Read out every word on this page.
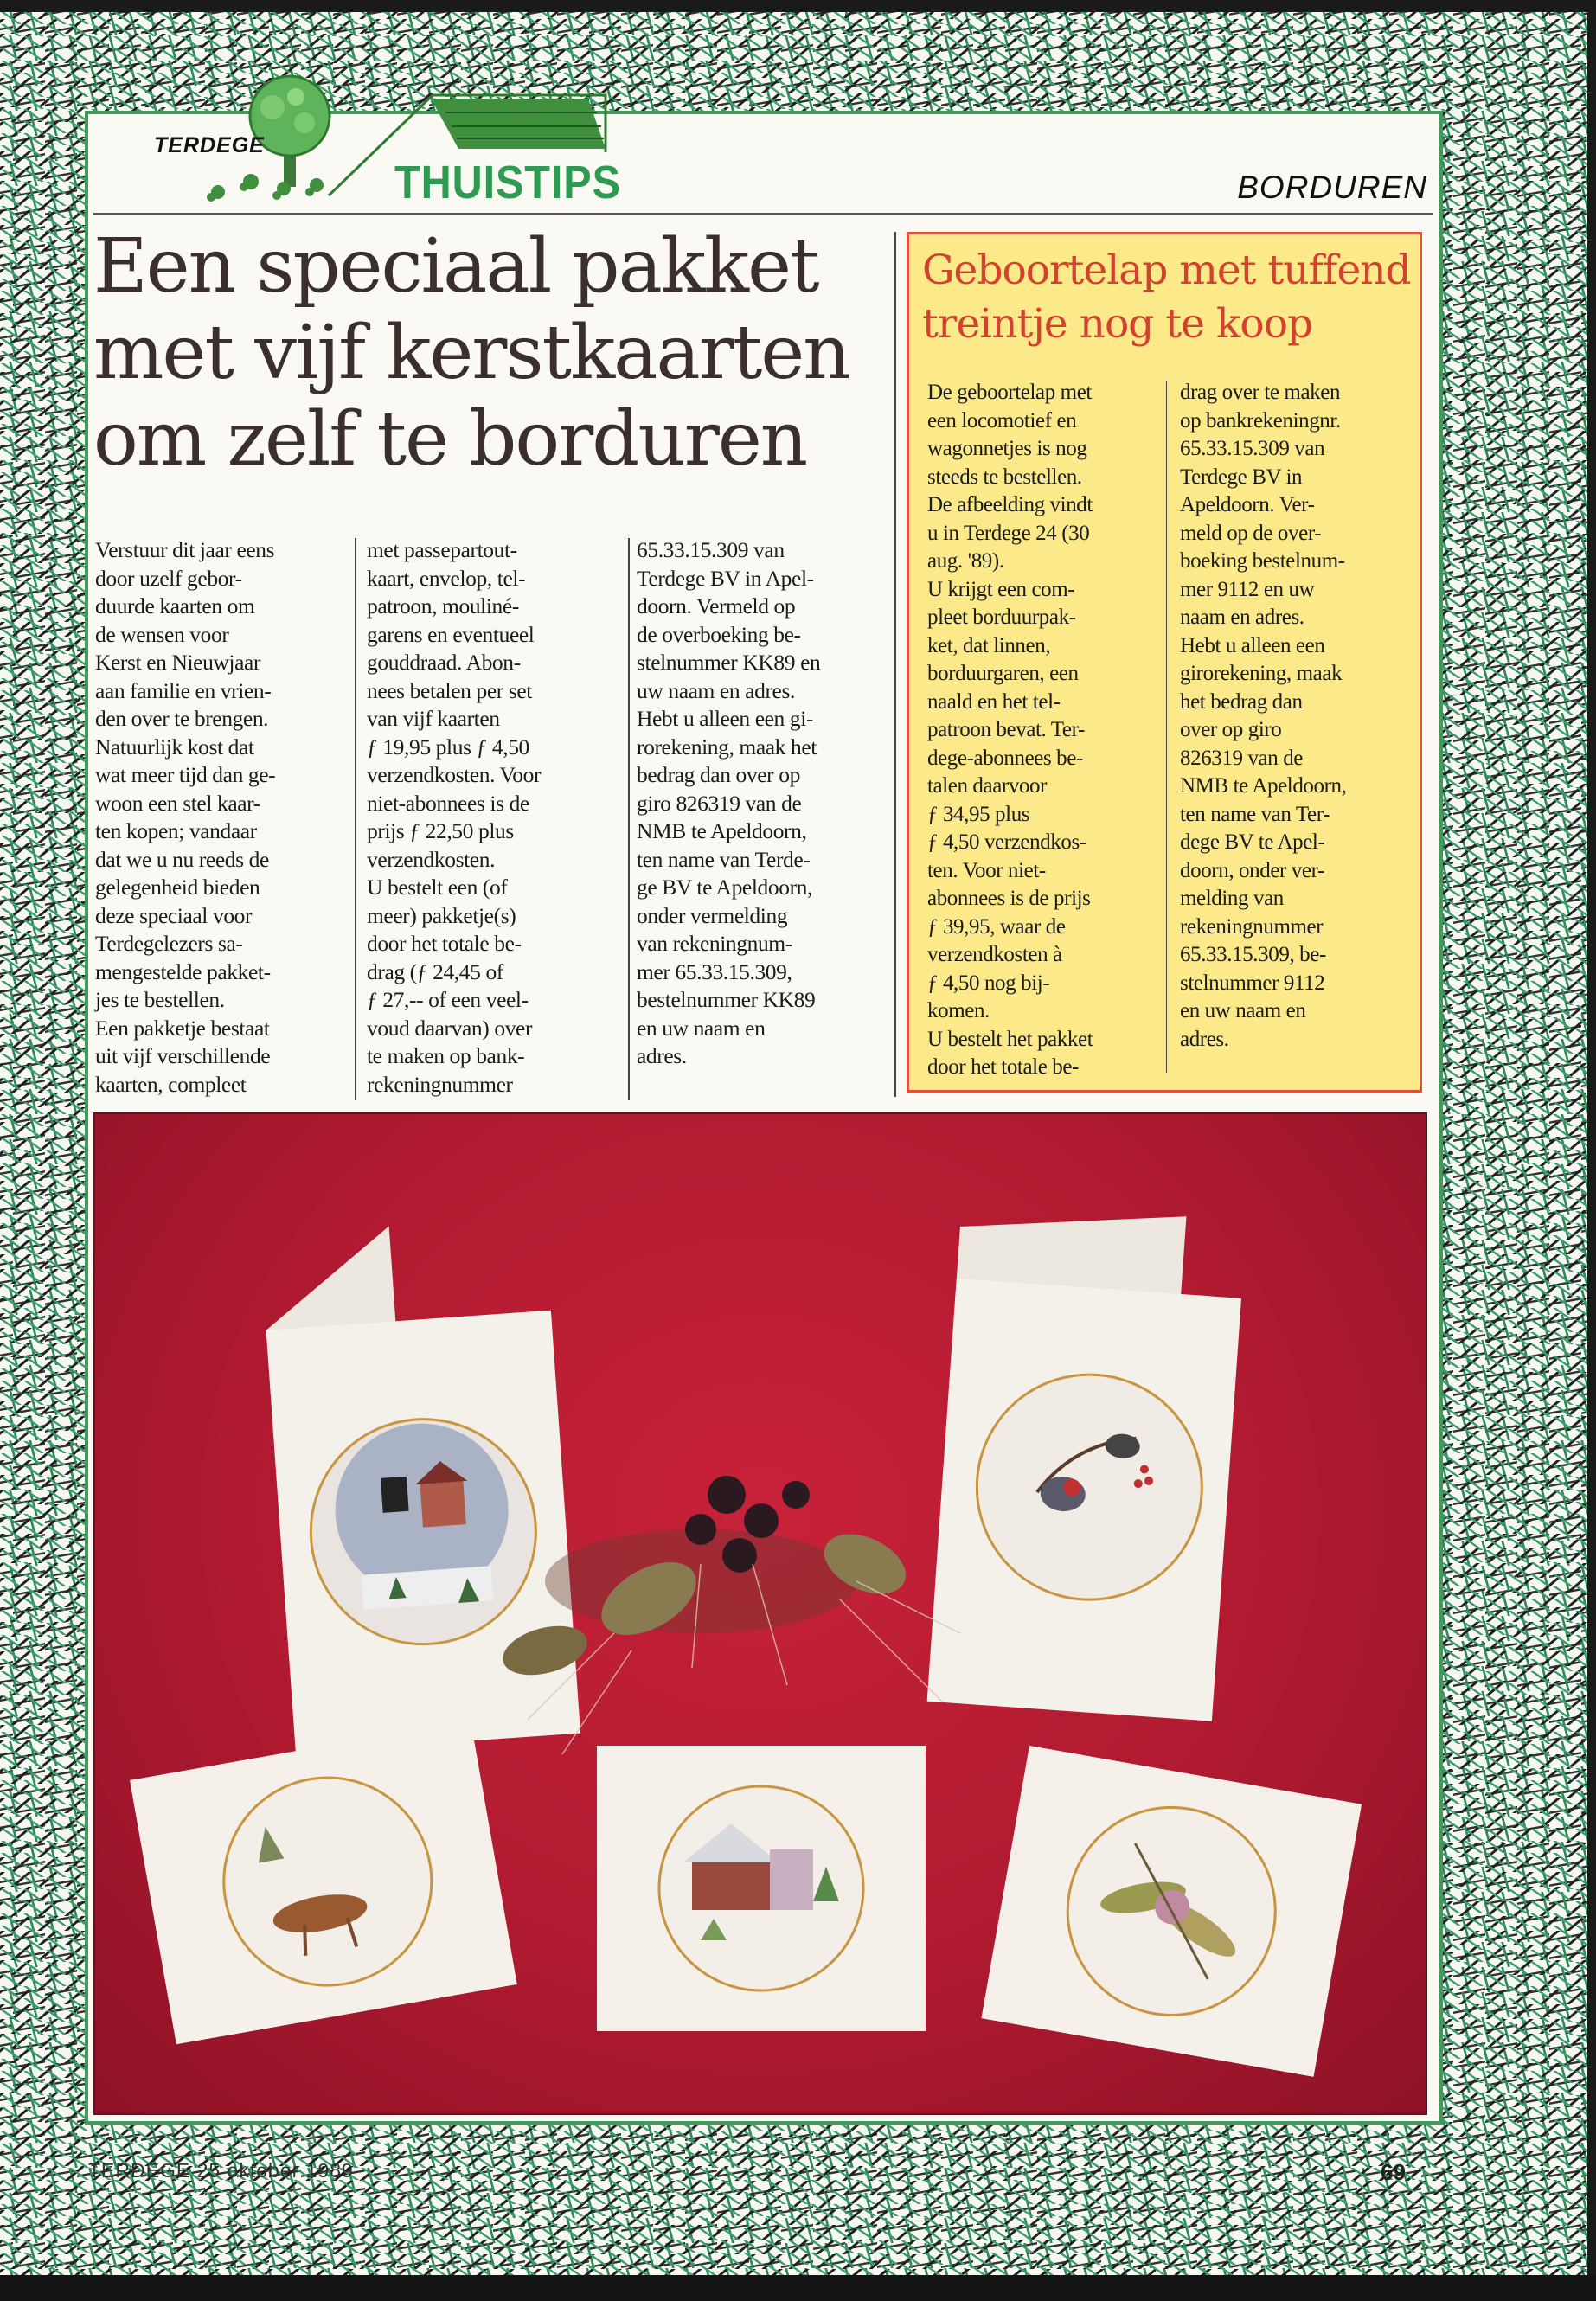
TERDEGE
THUISTIPS	BORDUREN
Een speciaal pakket
met vijf kerstkaarten
om zelf te borduren
Verstuur dit jaar eens
door uzelf gebor-
duurde kaarten om
de wensen voor
Kerst en Nieuwjaar
aan familie en vrien-
den over te brengen.
Natuurlijk kost dat
wat meer tijd dan ge-
woon een stel kaar-
ten kopen; vandaar
dat we u nu reeds de
gelegenheid bieden
deze speciaal voor
Terdegelezers sa-
mengestelde pakket-
jes te bestellen.
Een pakketje bestaat
uit vijf verschillende
kaarten, compleet
met passepartout-
kaart, envelop, tel-
patroon, mouliné-
garens en eventueel
gouddraad. Abon-
nees betalen per set
van vijf kaarten
ƒ 19,95 plus ƒ 4,50
verzendkosten. Voor
niet-abonnees is de
prijs ƒ 22,50 plus
verzendkosten.
U bestelt een (of
meer) pakketje(s)
door het totale be-
drag (ƒ 24,45 of
ƒ 27,-- of een veel-
voud daarvan) over
te maken op bank-
rekeningnummer
65.33.15.309 van
Terdege BV in Apel-
doorn. Vermeld op
de overboeking be-
stelnummer KK89 en
uw naam en adres.
Hebt u alleen een gi-
rorekening, maak het
bedrag dan over op
giro 826319 van de
NMB te Apeldoorn,
ten name van Terde-
ge BV te Apeldoorn,
onder vermelding
van rekeningnum-
mer 65.33.15.309,
bestelnummer KK89
en uw naam en
adres.
Geboortelap met tuffend
treintje nog te koop
De geboortelap met
een locomotief en
wagonnetjes is nog
steeds te bestellen.
De afbeelding vindt
u in Terdege 24 (30
aug. '89).
U krijgt een com-
pleet borduurpak-
ket, dat linnen,
borduurgaren, een
naald en het tel-
patroon bevat. Ter-
dege-abonnees be-
talen daarvoor
ƒ 34,95 plus
ƒ 4,50 verzendkos-
ten. Voor niet-
abonnees is de prijs
ƒ 39,95, waar de
verzendkosten à
ƒ 4,50 nog bij-
komen.
U bestelt het pakket
door het totale be-
drag over te maken
op bankrekeningnr.
65.33.15.309 van
Terdege BV in
Apeldoorn. Ver-
meld op de over-
boeking bestelnum-
mer 9112 en uw
naam en adres.
Hebt u alleen een
girorekening, maak
het bedrag dan
over op giro
826319 van de
NMB te Apeldoorn,
ten name van Ter-
dege BV te Apel-
doorn, onder ver-
melding van
rekeningnummer
65.33.15.309, be-
stelnummer 9112
en uw naam en
adres.
TERDEGE 25 oktober 1989	69
